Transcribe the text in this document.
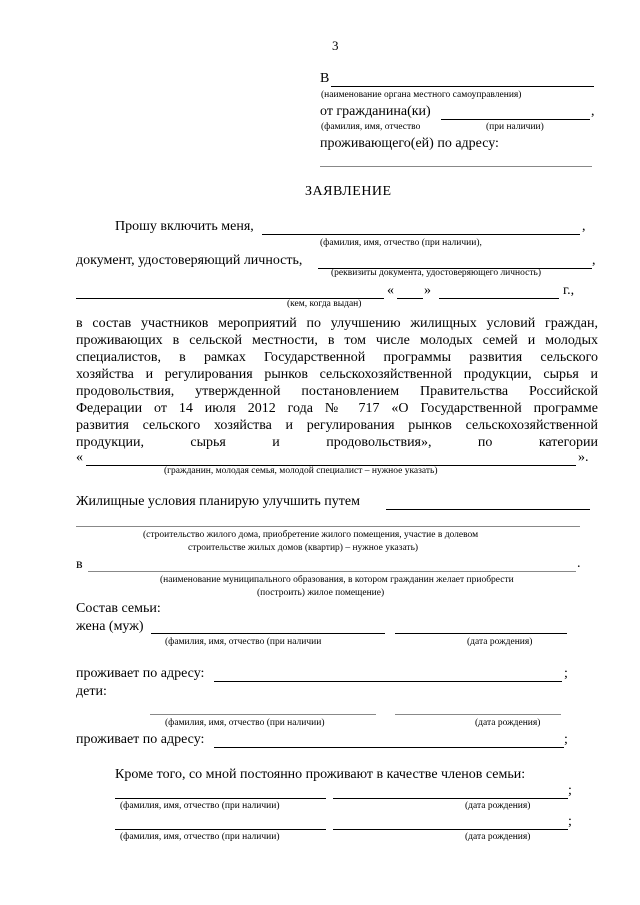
3
В
(наименование органа местного самоуправления)
от гражданина(ки)	,
(фамилия, имя, отчество	(при наличии)
проживающего(ей) по адресу:
ЗАЯВЛЕНИЕ
Прошу включить меня,	,
(фамилия, имя, отчество (при наличии),
документ, удостоверяющий личность,	,
(реквизиты документа, удостоверяющего личность)
« »	г.,
(кем, когда выдан)
в состав участников мероприятий по улучшению жилищных условий граждан,
проживающих в сельской местности, в том числе молодых семей и молодых
специалистов, в рамках Государственной программы развития сельского
хозяйства и регулирования рынков сельскохозяйственной продукции, сырья и
продовольствия, утвержденной постановлением Правительства Российской
Федерации от 14 июля 2012 года № 717 «О Государственной программе
развития сельского хозяйства и регулирования рынков сельскохозяйственной
продукции, сырья и продовольствия», по категории
«	».
(гражданин, молодая семья, молодой специалист – нужное указать)
Жилищные условия планирую улучшить путем
(строительство жилого дома, приобретение жилого помещения, участие в долевом
строительстве жилых домов (квартир) – нужное указать)
в	.
(наименование муниципального образования, в котором гражданин желает приобрести
(построить) жилое помещение)
Состав семьи:
жена (муж)
(фамилия, имя, отчество (при наличии	(дата рождения)
проживает по адресу:	;
дети:
(фамилия, имя, отчество (при наличии)	(дата рождения)
проживает по адресу:	;
Кроме того, со мной постоянно проживают в качестве членов семьи:
;
(фамилия, имя, отчество (при наличии)	(дата рождения)
;
(фамилия, имя, отчество (при наличии)	(дата рождения)
